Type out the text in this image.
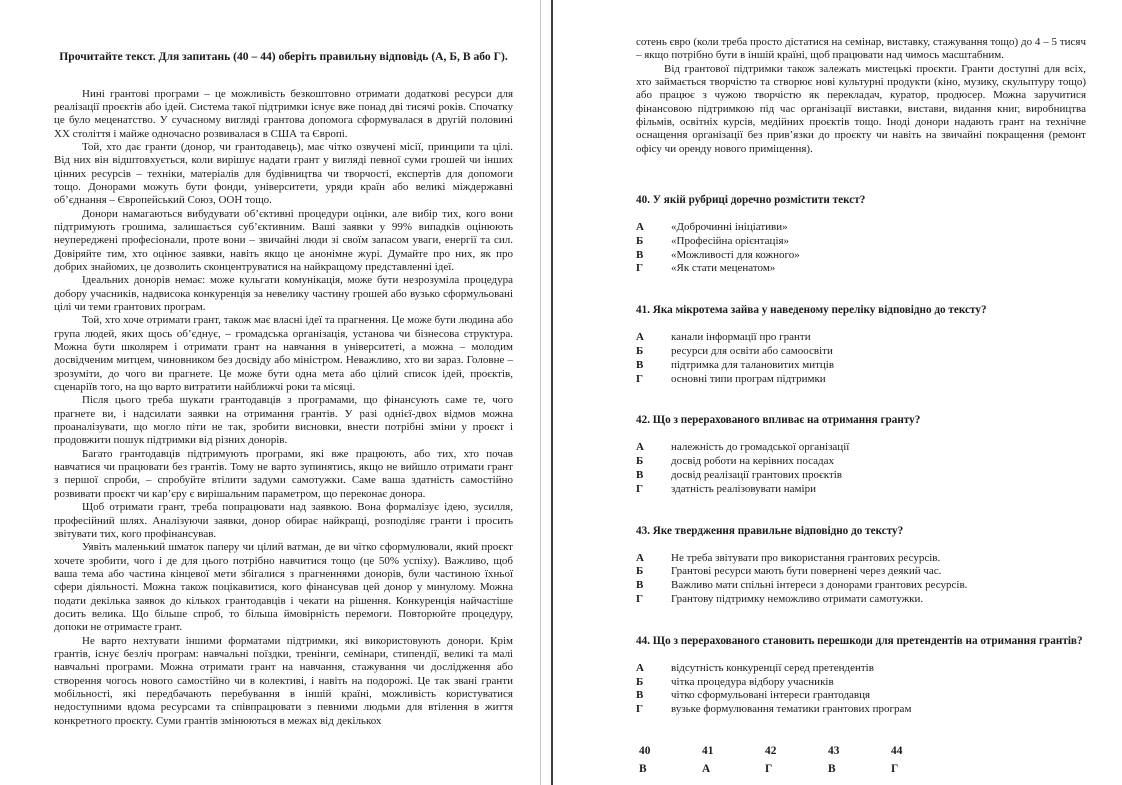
Прочитайте текст. Для запитань (40 – 44) оберіть правильну відповідь (А, Б, В або Г).

Нині грантові програми – це можливість безкоштовно отримати додаткові ресурси для реалізації проєктів або ідей. Система такої підтримки існує вже понад дві тисячі років. Спочатку це було меценатство. У сучасному вигляді грантова допомога сформувалася в другій половині XX століття і майже одночасно розвивалася в США та Європі.

Той, хто дає гранти (донор, чи грантодавець), має чітко озвучені місії, принципи та цілі. Від них він відштовхується, коли вирішує надати грант у вигляді певної суми грошей чи інших цінних ресурсів – техніки, матеріалів для будівництва чи творчості, експертів для допомоги тощо. Донорами можуть бути фонди, університети, уряди країн або великі міждержавні об’єднання – Європейський Союз, ООН тощо.

Донори намагаються вибудувати об’єктивні процедури оцінки, але вибір тих, кого вони підтримують грошима, залишається суб’єктивним. Ваші заявки у 99% випадків оцінюють неупереджені професіонали, проте вони – звичайні люди зі своїм запасом уваги, енергії та сил. Довіряйте тим, хто оцінює заявки, навіть якщо це анонімне журі. Думайте про них, як про добрих знайомих, це дозволить сконцентруватися на найкращому представленні ідеї.

Ідеальних донорів немає: може кульгати комунікація, може бути незрозуміла процедура добору учасників, надвисока конкуренція за невелику частину грошей або вузько сформульовані цілі чи теми грантових програм.

Той, хто хоче отримати грант, також має власні ідеї та прагнення. Це може бути людина або група людей, яких щось об’єднує, – громадська організація, установа чи бізнесова структура. Можна бути школярем і отримати грант на навчання в університеті, а можна – молодим досвідченим митцем, чиновником без досвіду або міністром. Неважливо, хто ви зараз. Головне – зрозуміти, до чого ви прагнете. Це може бути одна мета або цілий список ідей, проєктів, сценаріїв того, на що варто витратити найближчі роки та місяці.

Після цього треба шукати грантодавців з програмами, що фінансують саме те, чого прагнете ви, і надсилати заявки на отримання грантів. У разі однієї-двох відмов можна проаналізувати, що могло піти не так, зробити висновки, внести потрібні зміни у проєкт і продовжити пошук підтримки від різних донорів.

Багато грантодавців підтримують програми, які вже працюють, або тих, хто почав навчатися чи працювати без грантів. Тому не варто зупинятись, якщо не вийшло отримати грант з першої спроби, – спробуйте втілити задуми самотужки. Саме ваша здатність самостійно розвивати проєкт чи кар’єру є вирішальним параметром, що переконає донора.

Щоб отримати грант, треба попрацювати над заявкою. Вона формалізує ідею, зусилля, професійний шлях. Аналізуючи заявки, донор обирає найкращі, розподіляє гранти і просить звітувати тих, кого профінансував.

Уявіть маленький шматок паперу чи цілий ватман, де ви чітко сформулювали, який проєкт хочете зробити, чого і де для цього потрібно навчитися тощо (це 50% успіху). Важливо, щоб ваша тема або частина кінцевої мети збігалися з прагненнями донорів, були частиною їхньої сфери діяльності. Можна також поцікавитися, кого фінансував цей донор у минулому. Можна подати декілька заявок до кількох грантодавців і чекати на рішення. Конкуренція найчастіше досить велика. Що більше спроб, то більша ймовірність перемоги. Повторюйте процедуру, допоки не отримаєте грант.

Не варто нехтувати іншими форматами підтримки, які використовують донори. Крім грантів, існує безліч програм: навчальні поїздки, тренінги, семінари, стипендії, великі та малі навчальні програми. Можна отримати грант на навчання, стажування чи дослідження або створення чогось нового самостійно чи в колективі, і навіть на подорожі. Це так звані гранти мобільності, які передбачають перебування в іншій країні, можливість користуватися недоступними вдома ресурсами та співпрацювати з певними людьми для втілення в життя конкретного проєкту. Суми грантів змінюються в межах від декількох

сотень євро (коли треба просто дістатися на семінар, виставку, стажування тощо) до 4 – 5 тисяч – якщо потрібно бути в іншій країні, щоб працювати над чимось масштабним.

Від грантової підтримки також залежать мистецькі проєкти. Гранти доступні для всіх, хто займається творчістю та створює нові культурні продукти (кіно, музику, скульптуру тощо) або працює з чужою творчістю як перекладач, куратор, продюсер. Можна заручитися фінансовою підтримкою під час організації виставки, вистави, видання книг, виробництва фільмів, освітніх курсів, медійних проєктів тощо. Іноді донори надають грант на технічне оснащення організації без прив’язки до проєкту чи навіть на звичайні покращення (ремонт офісу чи оренду нового приміщення).

40. У якій рубриці доречно розмістити текст?
А	«Доброчинні ініціативи»
Б	«Професійна орієнтація»
В	«Можливості для кожного»
Г	«Як стати меценатом»
41. Яка мікротема зайва у наведеному переліку відповідно до тексту?
А	канали інформації про гранти
Б	ресурси для освіти або самоосвіти
В	підтримка для талановитих митців
Г	основні типи програм підтримки
42. Що з перерахованого впливає на отримання гранту?
А	належність до громадської організації
Б	досвід роботи на керівних посадах
В	досвід реалізації грантових проєктів
Г	здатність реалізовувати наміри
43. Яке твердження правильне відповідно до тексту?
А	Не треба звітувати про використання грантових ресурсів.
Б	Грантові ресурси мають бути повернені через деякий час.
В	Важливо мати спільні інтереси з донорами грантових ресурсів.
Г	Грантову підтримку неможливо отримати самотужки.
44. Що з перерахованого становить перешкоди для претендентів на отримання грантів?
А	відсутність конкуренції серед претендентів
Б	чітка процедура відбору учасників
В	чітко сформульовані інтереси грантодавця
Г	вузьке формулювання тематики грантових програм
40
В
41
А
42
Г
43
В
44
Г
